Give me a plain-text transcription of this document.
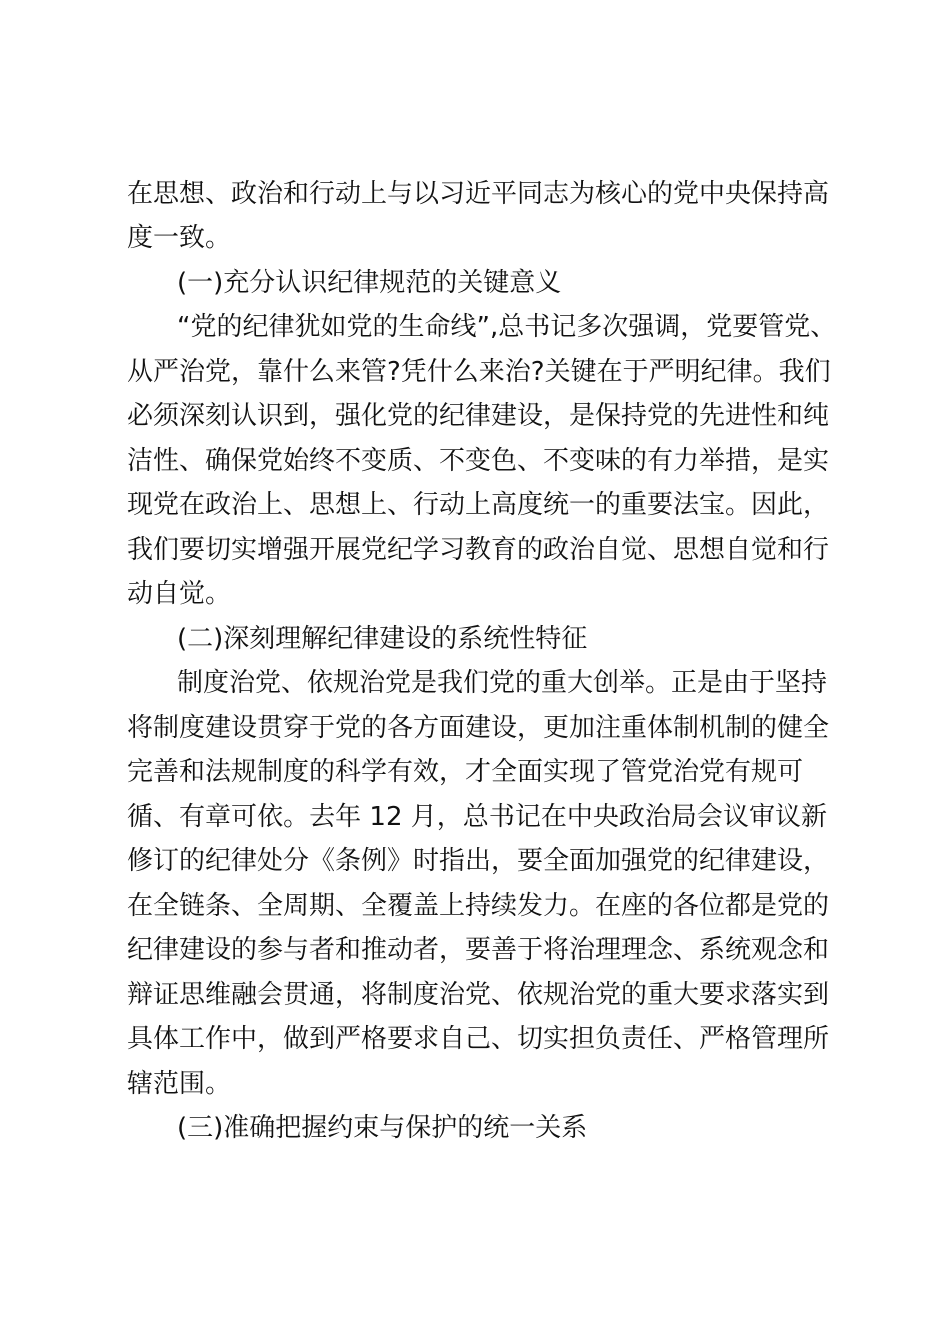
在思想、政治和行动上与以习近平同志为核心的党中央保持高
度一致。
(一)充分认识纪律规范的关键意义
“党的纪律犹如党的生命线”,总书记多次强调，党要管党、
从严治党，靠什么来管?凭什么来治?关键在于严明纪律。我们
必须深刻认识到，强化党的纪律建设，是保持党的先进性和纯
洁性、确保党始终不变质、不变色、不变味的有力举措，是实
现党在政治上、思想上、行动上高度统一的重要法宝。因此，
我们要切实增强开展党纪学习教育的政治自觉、思想自觉和行
动自觉。
(二)深刻理解纪律建设的系统性特征
制度治党、依规治党是我们党的重大创举。正是由于坚持
将制度建设贯穿于党的各方面建设，更加注重体制机制的健全
完善和法规制度的科学有效，才全面实现了管党治党有规可
循、有章可依。去年 12 月，总书记在中央政治局会议审议新
修订的纪律处分《条例》时指出，要全面加强党的纪律建设，
在全链条、全周期、全覆盖上持续发力。在座的各位都是党的
纪律建设的参与者和推动者，要善于将治理理念、系统观念和
辩证思维融会贯通，将制度治党、依规治党的重大要求落实到
具体工作中，做到严格要求自己、切实担负责任、严格管理所
辖范围。
(三)准确把握约束与保护的统一关系
